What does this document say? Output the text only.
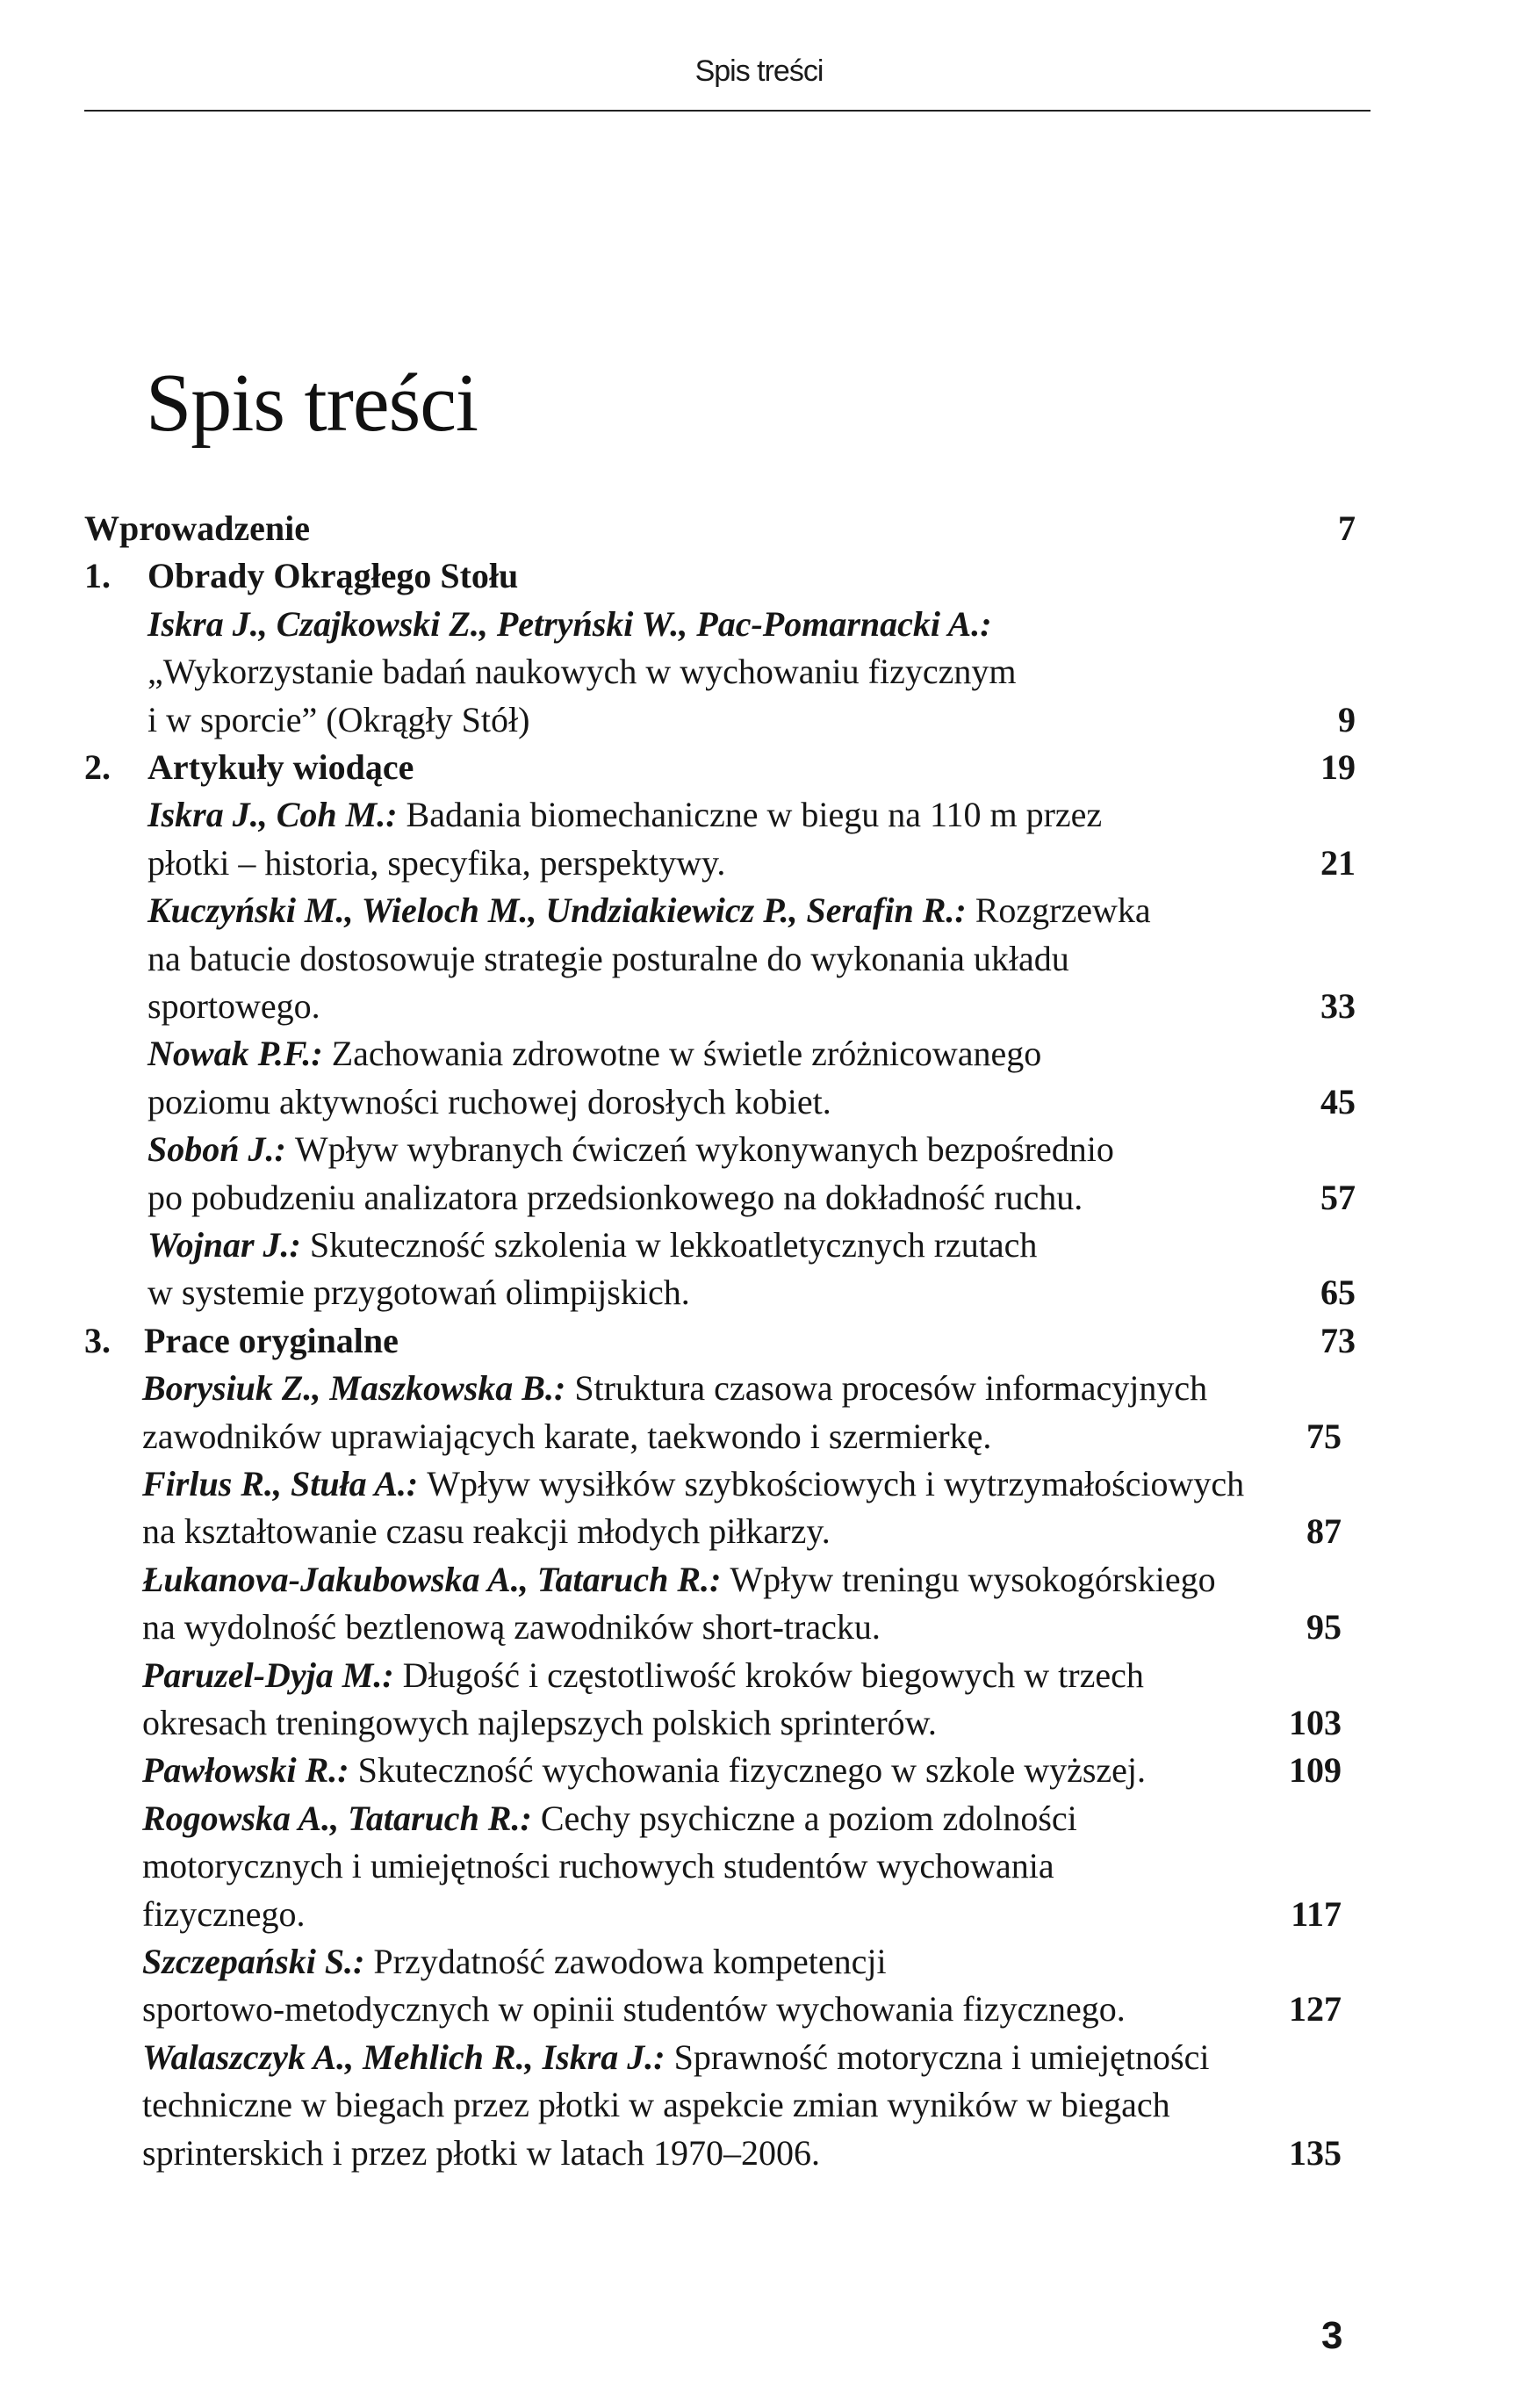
Spis treści
Spis treści
Wprowadzenie	7
1. Obrady Okrągłego Stołu
Iskra J., Czajkowski Z., Petryński W., Pac-Pomarnacki A.:
„Wykorzystanie badań naukowych w wychowaniu fizycznym
i w sporcie” (Okrągły Stół)	9
2. Artykuły wiodące	19
Iskra J., Coh M.: Badania biomechaniczne w biegu na 110 m przez
płotki – historia, specyfika, perspektywy.	21
Kuczyński M., Wieloch M., Undziakiewicz P., Serafin R.: Rozgrzewka
na batucie dostosowuje strategie posturalne do wykonania układu
sportowego.	33
Nowak P.F.: Zachowania zdrowotne w świetle zróżnicowanego
poziomu aktywności ruchowej dorosłych kobiet.	45
Soboń J.: Wpływ wybranych ćwiczeń wykonywanych bezpośrednio
po pobudzeniu analizatora przedsionkowego na dokładność ruchu.	57
Wojnar J.: Skuteczność szkolenia w lekkoatletycznych rzutach
w systemie przygotowań olimpijskich.	65
3. Prace oryginalne	73
Borysiuk Z., Maszkowska B.: Struktura czasowa procesów informacyjnych
zawodników uprawiających karate, taekwondo i szermierkę.	75
Firlus R., Stuła A.: Wpływ wysiłków szybkościowych i wytrzymałościowych
na kształtowanie czasu reakcji młodych piłkarzy.	87
Łukanova-Jakubowska A., Tataruch R.: Wpływ treningu wysokogórskiego
na wydolność beztlenową zawodników short-tracku.	95
Paruzel-Dyja M.: Długość i częstotliwość kroków biegowych w trzech
okresach treningowych najlepszych polskich sprinterów.	103
Pawłowski R.: Skuteczność wychowania fizycznego w szkole wyższej.	109
Rogowska A., Tataruch R.: Cechy psychiczne a poziom zdolności
motorycznych i umiejętności ruchowych studentów wychowania
fizycznego.	117
Szczepański S.: Przydatność zawodowa kompetencji
sportowo-metodycznych w opinii studentów wychowania fizycznego.	127
Walaszczyk A., Mehlich R., Iskra J.: Sprawność motoryczna i umiejętności
techniczne w biegach przez płotki w aspekcie zmian wyników w biegach
sprinterskich i przez płotki w latach 1970–2006.	135
3
